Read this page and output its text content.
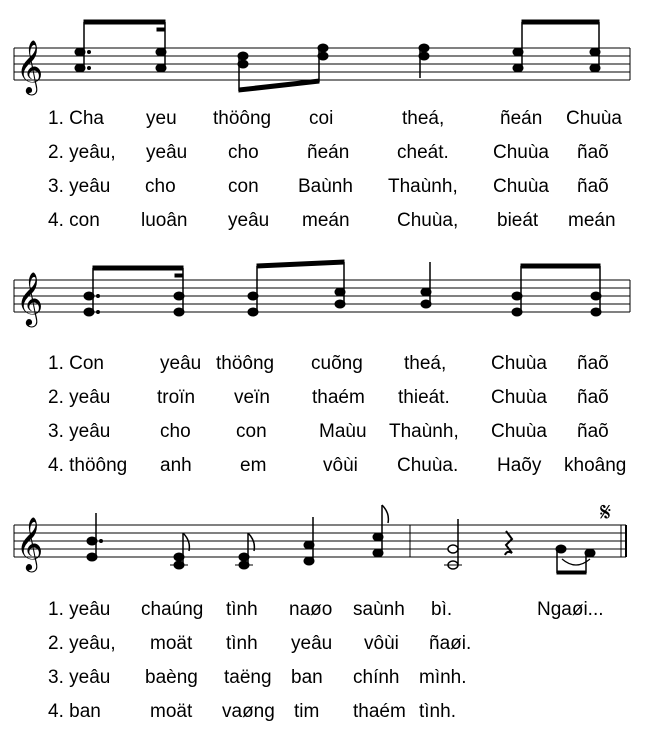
𝄞
𝄞
𝄞
𝄋
1. Cha yeu thöông coi	theá,	ñeán Chuùa
2. yeâu, yeâu cho	ñeán	cheát. Chuùa ñaõ
3. yeâu cho	con Baùnh Thaùnh, Chuùa ñaõ
4. con luoân yeâu meán Chuùa, bieát meán
1. Con	yeâu thöông cuõng theá, Chuùa ñaõ
2. yeâu troïn veïn thaém thieát. Chuùa ñaõ
3. yeâu	cho con	Maùu Thaùnh, Chuùa ñaõ
4. thöông anh	em	vôùi Chuùa. Haõy khoâng
1. yeâu chaúng tình naøo saùnh bì.	Ngaøi...
2. yeâu, moät tình yeâu vôùi ñaøi.
3. yeâu baèng taëng ban chính mình.
4. ban	moät vaøng tim thaém tình.
